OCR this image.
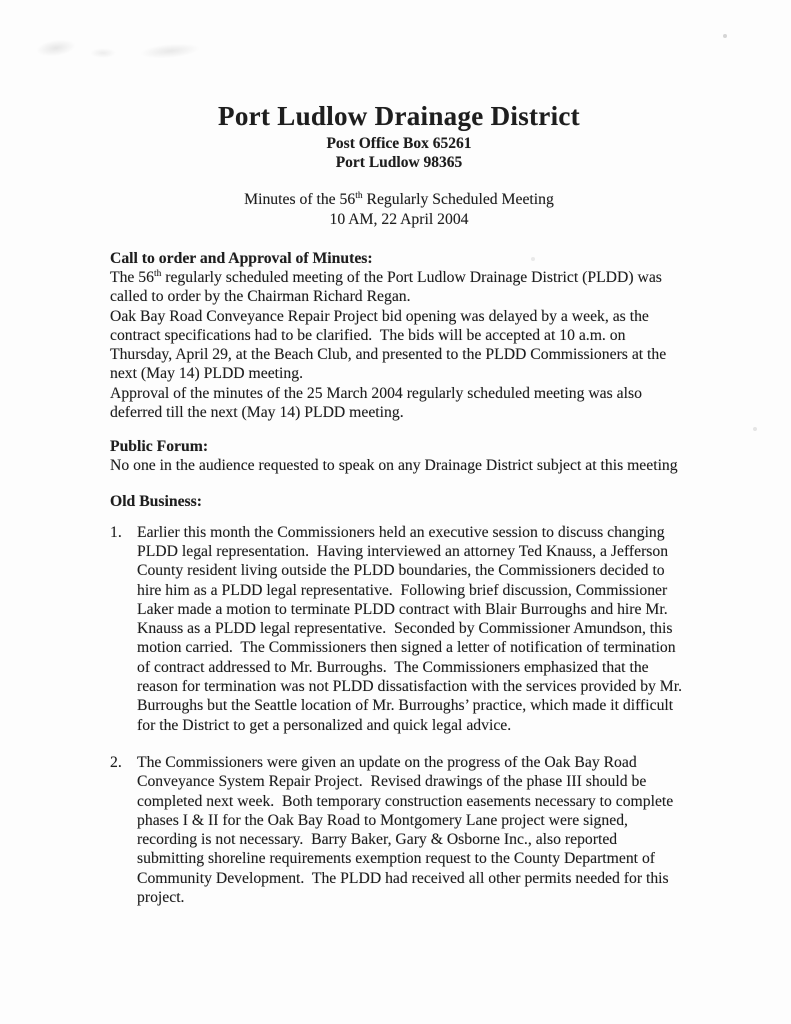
Port Ludlow Drainage District
Post Office Box 65261
Port Ludlow 98365
Minutes of the 56th Regularly Scheduled Meeting
10 AM, 22 April 2004
Call to order and Approval of Minutes:

The 56th regularly scheduled meeting of the Port Ludlow Drainage District (PLDD) was called to order by the Chairman Richard Regan.

Oak Bay Road Conveyance Repair Project bid opening was delayed by a week, as the contract specifications had to be clarified.  The bids will be accepted at 10 a.m. on Thursday, April 29, at the Beach Club, and presented to the PLDD Commissioners at the next (May 14) PLDD meeting.

Approval of the minutes of the 25 March 2004 regularly scheduled meeting was also deferred till the next (May 14) PLDD meeting.

Public Forum:

No one in the audience requested to speak on any Drainage District subject at this meeting

Old Business:
1. Earlier this month the Commissioners held an executive session to discuss changing PLDD legal representation.  Having interviewed an attorney Ted Knauss, a Jefferson County resident living outside the PLDD boundaries, the Commissioners decided to hire him as a PLDD legal representative.  Following brief discussion, Commissioner Laker made a motion to terminate PLDD contract with Blair Burroughs and hire Mr. Knauss as a PLDD legal representative.  Seconded by Commissioner Amundson, this motion carried.  The Commissioners then signed a letter of notification of termination of contract addressed to Mr. Burroughs.  The Commissioners emphasized that the reason for termination was not PLDD dissatisfaction with the services provided by Mr. Burroughs but the Seattle location of Mr. Burroughs’ practice, which made it difficult for the District to get a personalized and quick legal advice.
2. The Commissioners were given an update on the progress of the Oak Bay Road Conveyance System Repair Project.  Revised drawings of the phase III should be completed next week.  Both temporary construction easements necessary to complete phases I & II for the Oak Bay Road to Montgomery Lane project were signed, recording is not necessary.  Barry Baker, Gary & Osborne Inc., also reported submitting shoreline requirements exemption request to the County Department of Community Development.  The PLDD had received all other permits needed for this project.
